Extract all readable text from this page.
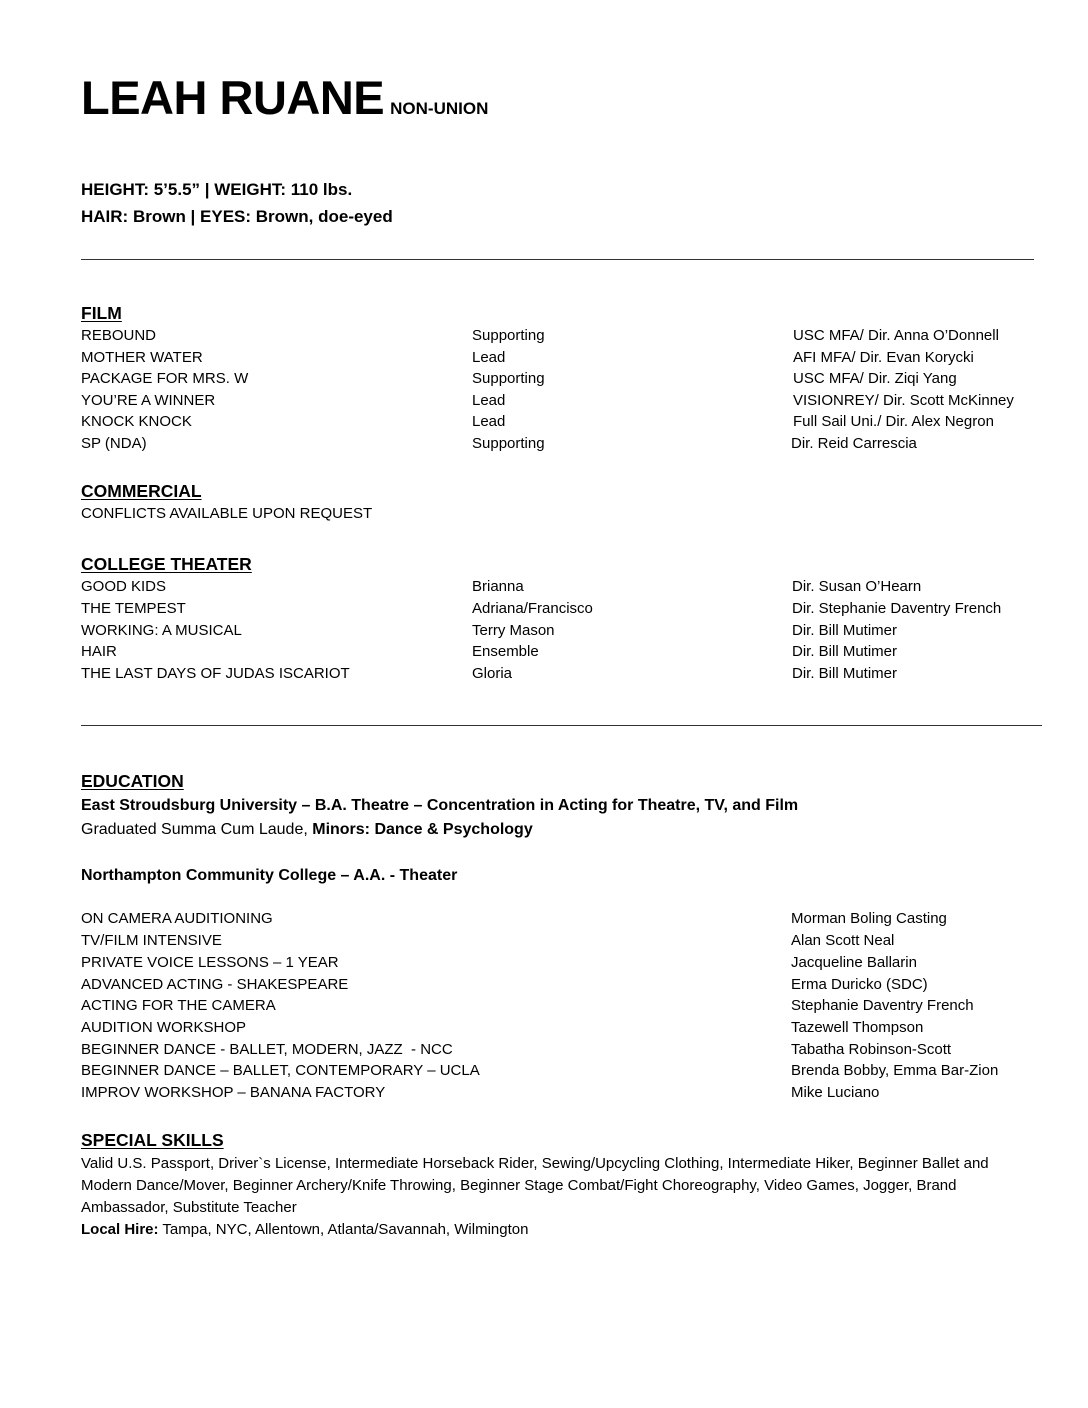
LEAH RUANE NON-UNION
HEIGHT: 5’5.5” | WEIGHT: 110 lbs.
HAIR: Brown | EYES: Brown, doe-eyed
FILM
REBOUND	Supporting	USC MFA/ Dir. Anna O’Donnell
MOTHER WATER	Lead	AFI MFA/ Dir. Evan Korycki
PACKAGE FOR MRS. W	Supporting	USC MFA/ Dir. Ziqi Yang
YOU’RE A WINNER	Lead	VISIONREY/ Dir. Scott McKinney
KNOCK KNOCK	Lead	Full Sail Uni./ Dir. Alex Negron
SP (NDA)	Supporting	Dir. Reid Carrescia
COMMERCIAL
CONFLICTS AVAILABLE UPON REQUEST
COLLEGE THEATER
GOOD KIDS	Brianna	Dir. Susan O’Hearn
THE TEMPEST	Adriana/Francisco	Dir. Stephanie Daventry French
WORKING: A MUSICAL	Terry Mason	Dir. Bill Mutimer
HAIR	Ensemble	Dir. Bill Mutimer
THE LAST DAYS OF JUDAS ISCARIOT	Gloria	Dir. Bill Mutimer
EDUCATION
East Stroudsburg University – B.A. Theatre – Concentration in Acting for Theatre, TV, and Film
Graduated Summa Cum Laude, Minors: Dance & Psychology
Northampton Community College – A.A. - Theater
ON CAMERA AUDITIONING	Morman Boling Casting
TV/FILM INTENSIVE	Alan Scott Neal
PRIVATE VOICE LESSONS – 1 YEAR	Jacqueline Ballarin
ADVANCED ACTING - SHAKESPEARE	Erma Duricko (SDC)
ACTING FOR THE CAMERA	Stephanie Daventry French
AUDITION WORKSHOP	Tazewell Thompson
BEGINNER DANCE - BALLET, MODERN, JAZZ  - NCC	Tabatha Robinson-Scott
BEGINNER DANCE – BALLET, CONTEMPORARY – UCLA	Brenda Bobby, Emma Bar-Zion
IMPROV WORKSHOP – BANANA FACTORY	Mike Luciano
SPECIAL SKILLS
Valid U.S. Passport, Driver`s License, Intermediate Horseback Rider, Sewing/Upcycling Clothing, Intermediate Hiker, Beginner Ballet and Modern Dance/Mover, Beginner Archery/Knife Throwing, Beginner Stage Combat/Fight Choreography, Video Games, Jogger, Brand Ambassador, Substitute Teacher
Local Hire: Tampa, NYC, Allentown, Atlanta/Savannah, Wilmington
